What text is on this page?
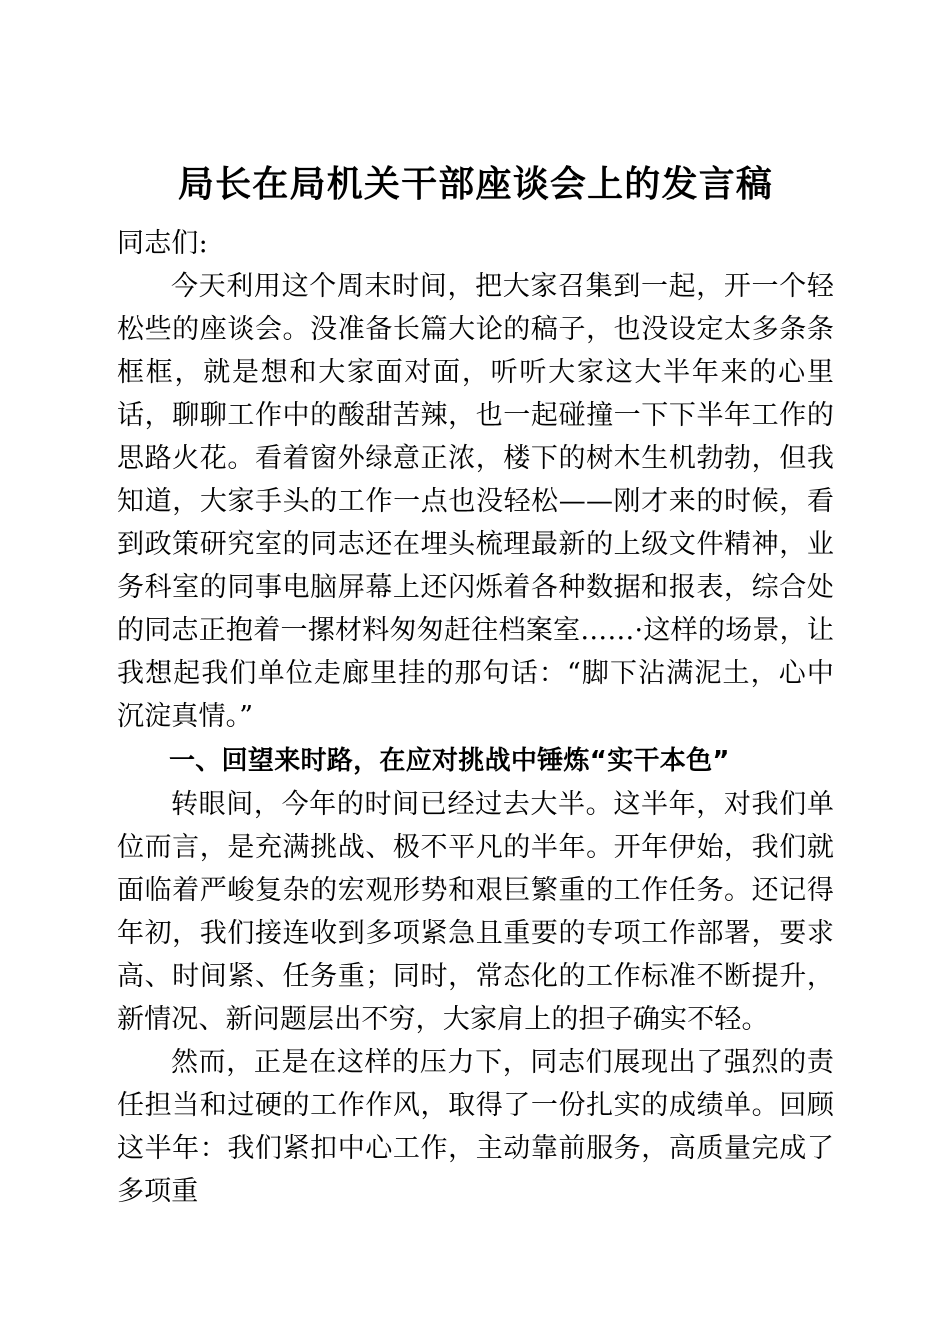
局长在局机关干部座谈会上的发言稿

同志们:

今天利用这个周末时间，把大家召集到一起，开一个轻松些的座谈会。没准备长篇大论的稿子，也没设定太多条条框框，就是想和大家面对面，听听大家这大半年来的心里话，聊聊工作中的酸甜苦辣，也一起碰撞一下下半年工作的思路火花。看着窗外绿意正浓，楼下的树木生机勃勃，但我知道，大家手头的工作一点也没轻松——刚才来的时候，看到政策研究室的同志还在埋头梳理最新的上级文件精神，业务科室的同事电脑屏幕上还闪烁着各种数据和报表，综合处的同志正抱着一摞材料匆匆赶往档案室……·这样的场景，让我想起我们单位走廊里挂的那句话：“脚下沾满泥土，心中沉淀真情。”

一、回望来时路，在应对挑战中锤炼“实干本色”

转眼间，今年的时间已经过去大半。这半年，对我们单位而言，是充满挑战、极不平凡的半年。开年伊始，我们就面临着严峻复杂的宏观形势和艰巨繁重的工作任务。还记得年初，我们接连收到多项紧急且重要的专项工作部署，要求高、时间紧、任务重；同时，常态化的工作标准不断提升，新情况、新问题层出不穷，大家肩上的担子确实不轻。

然而，正是在这样的压力下，同志们展现出了强烈的责任担当和过硬的工作作风，取得了一份扎实的成绩单。回顾这半年：我们紧扣中心工作，主动靠前服务，高质量完成了多项重
